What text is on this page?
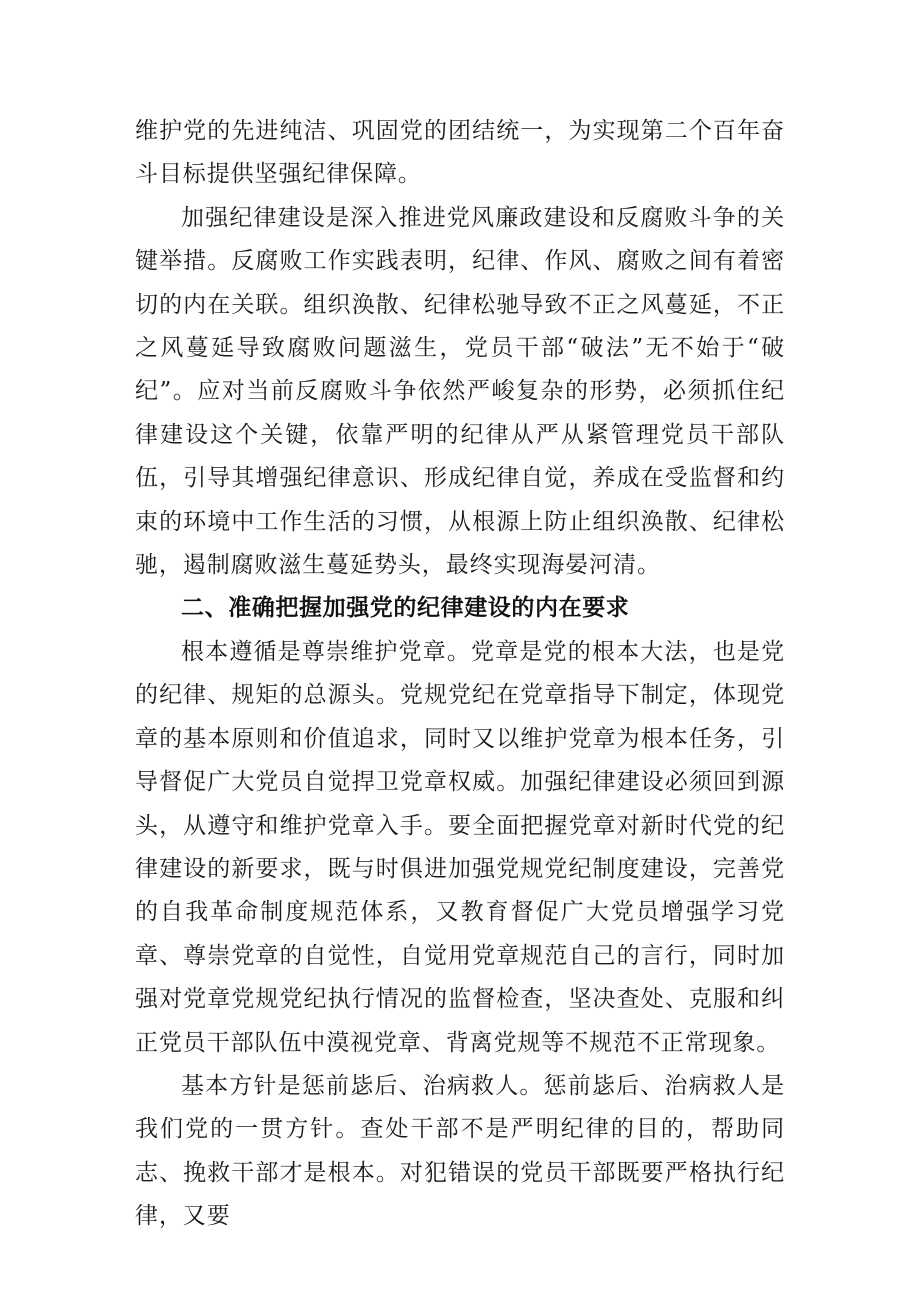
维护党的先进纯洁、巩固党的团结统一，为实现第二个百年奋斗目标提供坚强纪律保障。

加强纪律建设是深入推进党风廉政建设和反腐败斗争的关键举措。反腐败工作实践表明，纪律、作风、腐败之间有着密切的内在关联。组织涣散、纪律松驰导致不正之风蔓延，不正之风蔓延导致腐败问题滋生，党员干部“破法”无不始于“破纪”。应对当前反腐败斗争依然严峻复杂的形势，必须抓住纪律建设这个关键，依靠严明的纪律从严从紧管理党员干部队伍，引导其增强纪律意识、形成纪律自觉，养成在受监督和约束的环境中工作生活的习惯，从根源上防止组织涣散、纪律松驰，遏制腐败滋生蔓延势头，最终实现海晏河清。

二、准确把握加强党的纪律建设的内在要求

根本遵循是尊崇维护党章。党章是党的根本大法，也是党的纪律、规矩的总源头。党规党纪在党章指导下制定，体现党章的基本原则和价值追求，同时又以维护党章为根本任务，引导督促广大党员自觉捍卫党章权威。加强纪律建设必须回到源头，从遵守和维护党章入手。要全面把握党章对新时代党的纪律建设的新要求，既与时俱进加强党规党纪制度建设，完善党的自我革命制度规范体系，又教育督促广大党员增强学习党章、尊崇党章的自觉性，自觉用党章规范自己的言行，同时加强对党章党规党纪执行情况的监督检查，坚决查处、克服和纠正党员干部队伍中漠视党章、背离党规等不规范不正常现象。

基本方针是惩前毖后、治病救人。惩前毖后、治病救人是我们党的一贯方针。查处干部不是严明纪律的目的，帮助同志、挽救干部才是根本。对犯错误的党员干部既要严格执行纪律，又要
